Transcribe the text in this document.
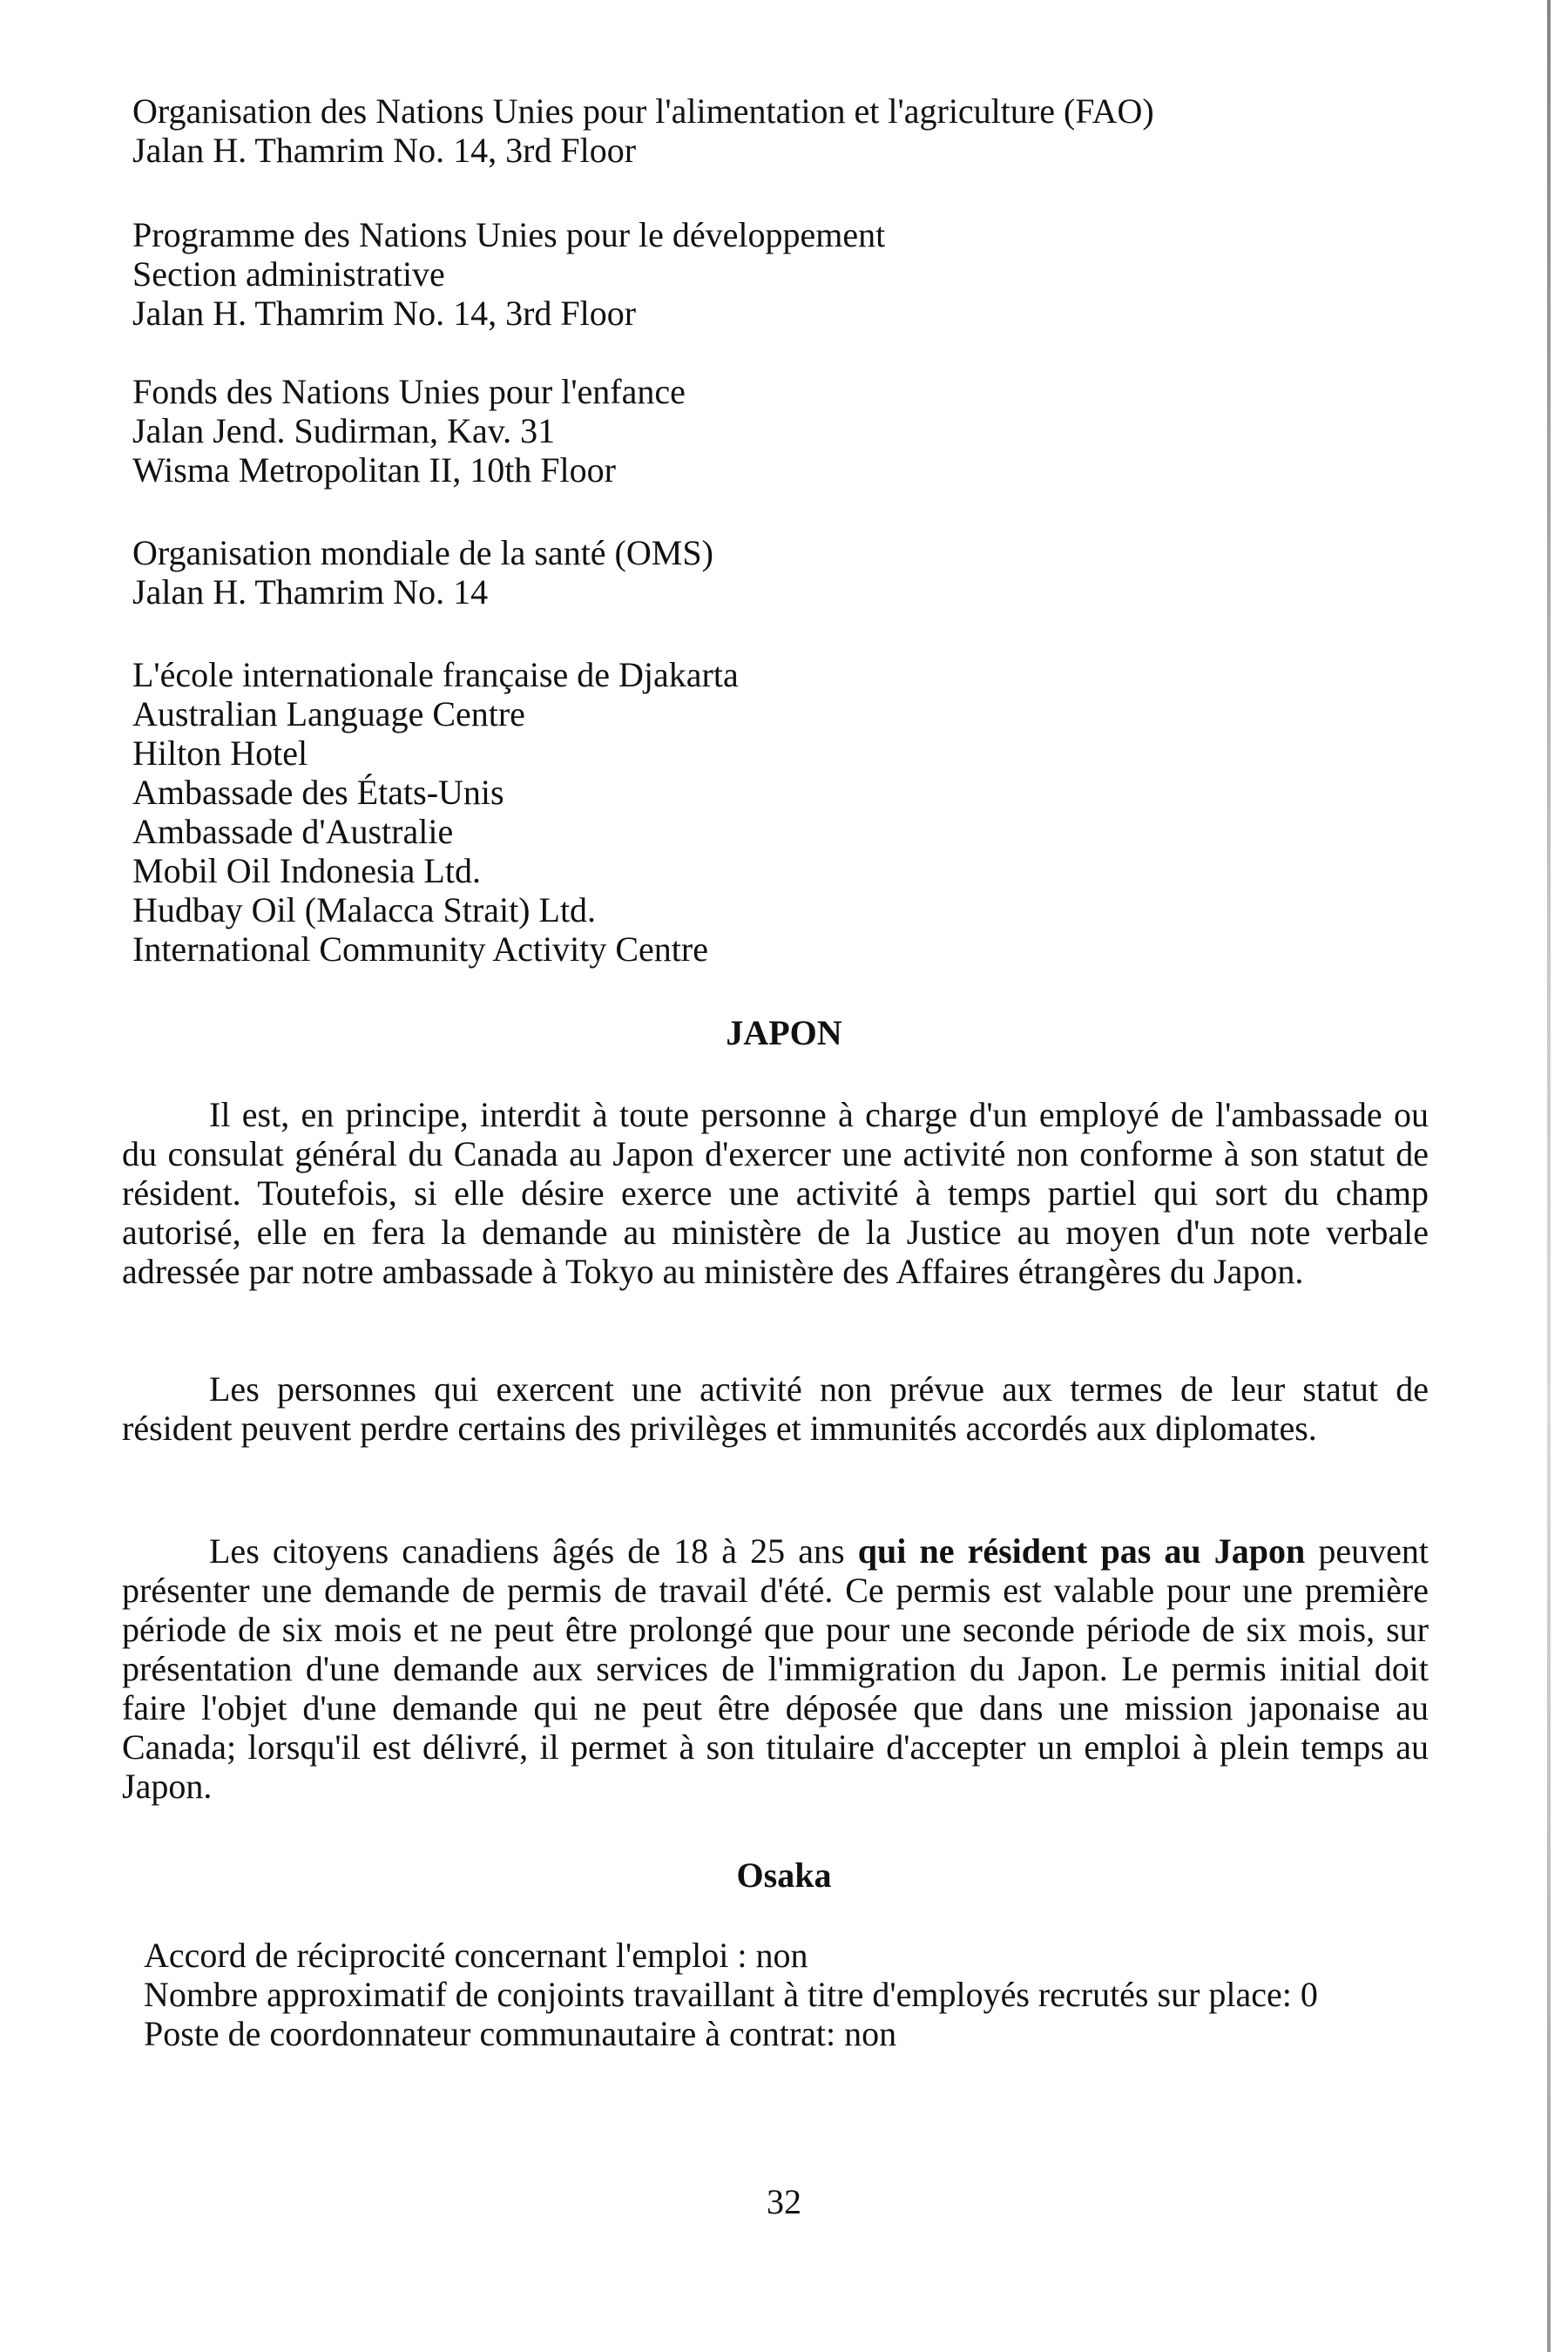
Organisation des Nations Unies pour l'alimentation et l'agriculture (FAO)
Jalan H. Thamrim No. 14, 3rd Floor
Programme des Nations Unies pour le développement
Section administrative
Jalan H. Thamrim No. 14, 3rd Floor
Fonds des Nations Unies pour l'enfance
Jalan Jend. Sudirman, Kav. 31
Wisma Metropolitan II, 10th Floor
Organisation mondiale de la santé (OMS)
Jalan H. Thamrim No. 14
L'école internationale française de Djakarta
Australian Language Centre
Hilton Hotel
Ambassade des États-Unis
Ambassade d'Australie
Mobil Oil Indonesia Ltd.
Hudbay Oil (Malacca Strait) Ltd.
International Community Activity Centre
JAPON
Il est, en principe, interdit à toute personne à charge d'un employé de l'ambassade ou du consulat général du Canada au Japon d'exercer une activité non conforme à son statut de résident. Toutefois, si elle désire exerce une activité à temps partiel qui sort du champ autorisé, elle en fera la demande au ministère de la Justice au moyen d'un note verbale adressée par notre ambassade à Tokyo au ministère des Affaires étrangères du Japon.
Les personnes qui exercent une activité non prévue aux termes de leur statut de résident peuvent perdre certains des privilèges et immunités accordés aux diplomates.
Les citoyens canadiens âgés de 18 à 25 ans qui ne résident pas au Japon peuvent présenter une demande de permis de travail d'été. Ce permis est valable pour une première période de six mois et ne peut être prolongé que pour une seconde période de six mois, sur présentation d'une demande aux services de l'immigration du Japon. Le permis initial doit faire l'objet d'une demande qui ne peut être déposée que dans une mission japonaise au Canada; lorsqu'il est délivré, il permet à son titulaire d'accepter un emploi à plein temps au Japon.
Osaka
Accord de réciprocité concernant l'emploi : non
Nombre approximatif de conjoints travaillant à titre d'employés recrutés sur place: 0
Poste de coordonnateur communautaire à contrat: non
32
